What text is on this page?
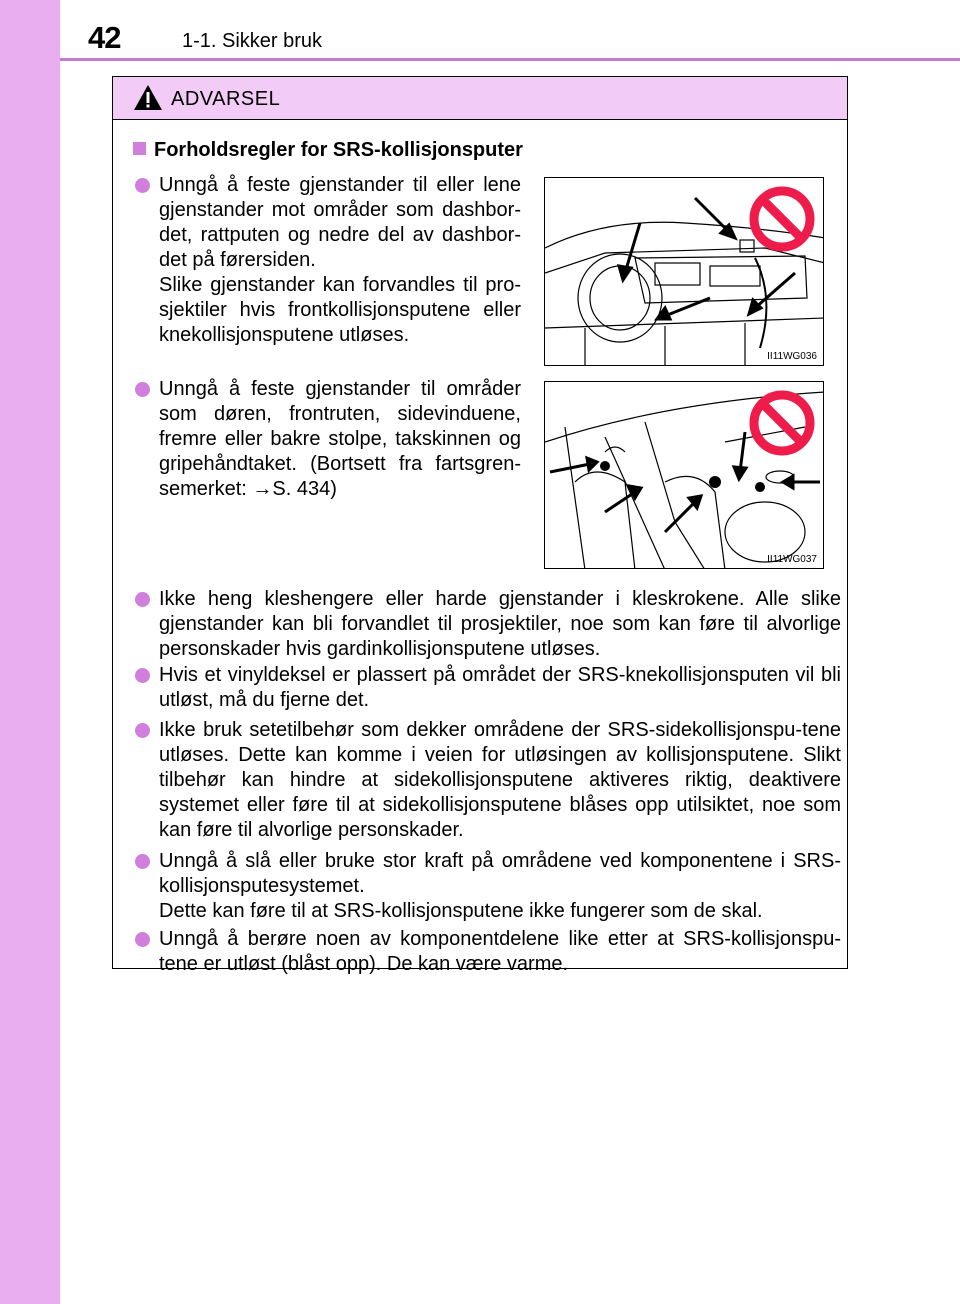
42	1-1. Sikker bruk
ADVARSEL
Forholdsregler for SRS-kollisjonsputer
Unngå å feste gjenstander til eller lene gjenstander mot områder som dashbor-det, rattputen og nedre del av dashbor-det på førersiden.
Slike gjenstander kan forvandles til pro-sjektiler hvis frontkollisjonsputene eller knekollisjonsputene utløses.
II11WG036
Unngå å feste gjenstander til områder som døren, frontruten, sidevinduene, fremre eller bakre stolpe, takskinnen og gripehåndtaket. (Bortsett fra fartsgren-semerket: →S. 434)
II11WG037
Ikke heng kleshengere eller harde gjenstander i kleskrokene. Alle slike gjenstander kan bli forvandlet til prosjektiler, noe som kan føre til alvorlige personskader hvis gardinkollisjonsputene utløses.
Hvis et vinyldeksel er plassert på området der SRS-knekollisjonsputen vil bli utløst, må du fjerne det.
Ikke bruk setetilbehør som dekker områdene der SRS-sidekollisjonspu-tene utløses. Dette kan komme i veien for utløsingen av kollisjonsputene. Slikt tilbehør kan hindre at sidekollisjonsputene aktiveres riktig, deaktivere systemet eller føre til at sidekollisjonsputene blåses opp utilsiktet, noe som kan føre til alvorlige personskader.
Unngå å slå eller bruke stor kraft på områdene ved komponentene i SRS-kollisjonsputesystemet.
Dette kan føre til at SRS-kollisjonsputene ikke fungerer som de skal.
Unngå å berøre noen av komponentdelene like etter at SRS-kollisjonspu-tene er utløst (blåst opp). De kan være varme.
